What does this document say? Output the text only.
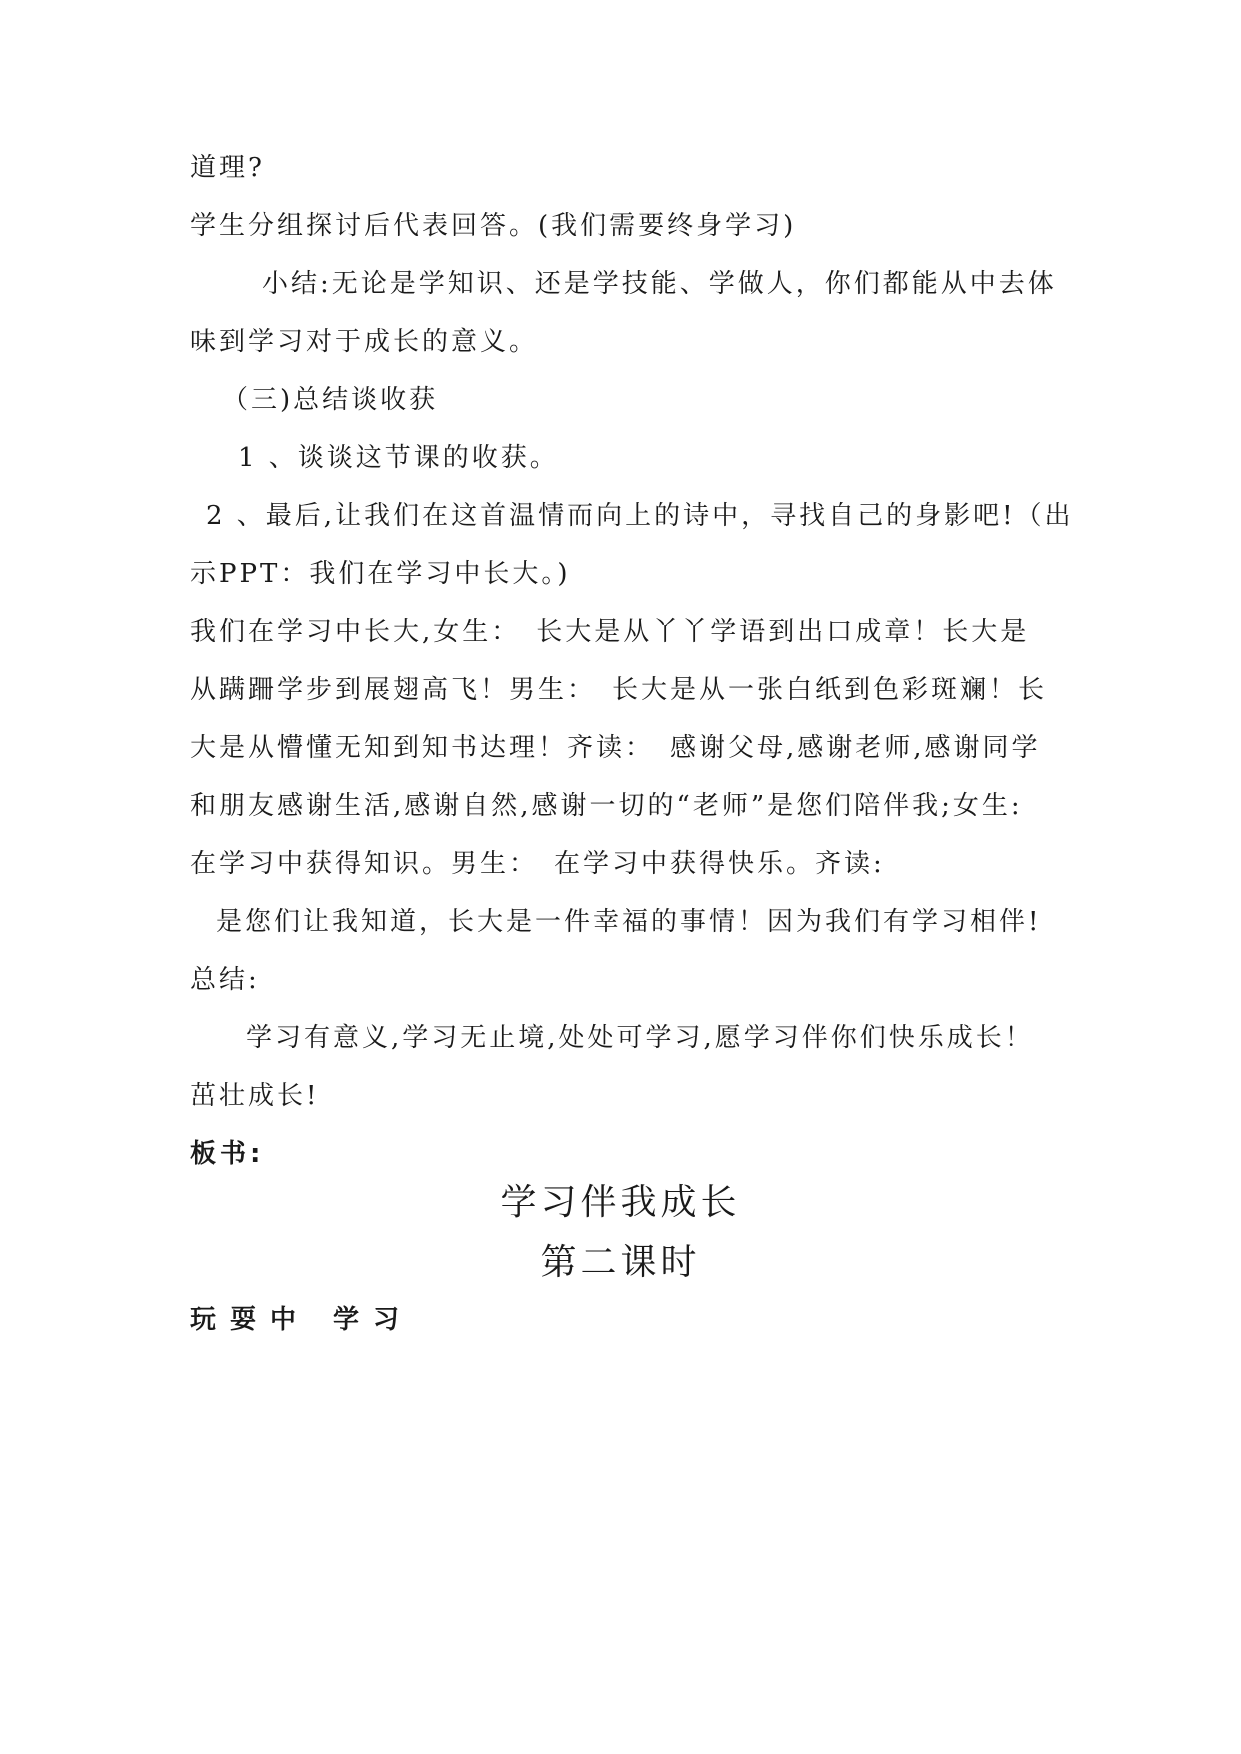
道理?
学生分组探讨后代表回答。(我们需要终身学习)
小结:无论是学知识、还是学技能、学做人，你们都能从中去体
味到学习对于成长的意义。
（三)总结谈收获
1 、谈谈这节课的收获。
2 、最后,让我们在这首温情而向上的诗中，寻找自己的身影吧!（出
示PPT：我们在学习中长大。)
我们在学习中长大,女生：　长大是从丫丫学语到出口成章！长大是
从蹒跚学步到展翅高飞！男生：　长大是从一张白纸到色彩斑斓！长
大是从懵懂无知到知书达理！齐读：　感谢父母,感谢老师,感谢同学
和朋友感谢生活,感谢自然,感谢一切的“老师”是您们陪伴我;女生:
在学习中获得知识。男生：　在学习中获得快乐。齐读:
是您们让我知道，长大是一件幸福的事情！因为我们有学习相伴!
总结:
学习有意义,学习无止境,处处可学习,愿学习伴你们快乐成长！
茁壮成长!
板书:
学习伴我成长
第二课时
玩耍中 学习
